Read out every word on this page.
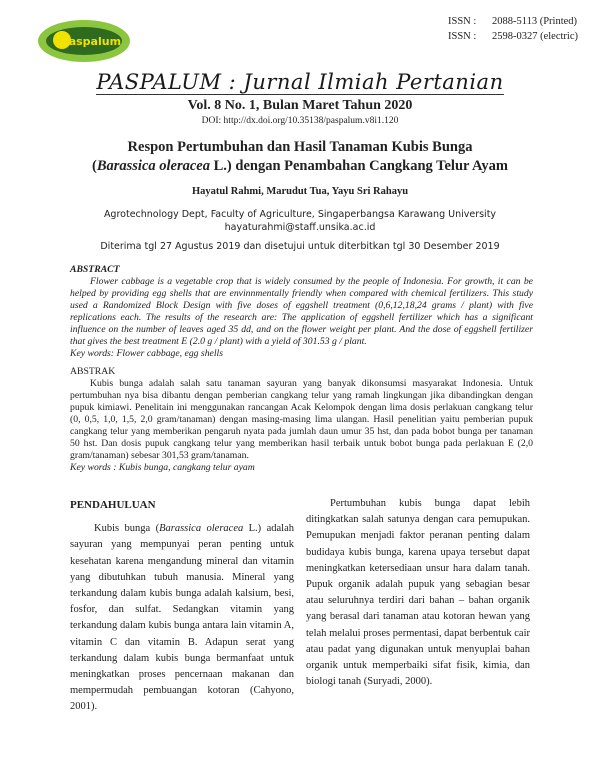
ISSN :	2088-5113 (Printed)
ISSN :	2598-0327 (electric)
Paspalum
PASPALUM : Jurnal Ilmiah Pertanian
Vol. 8 No. 1, Bulan Maret Tahun 2020
DOI: http://dx.doi.org/10.35138/paspalum.v8i1.120
Respon Pertumbuhan dan Hasil Tanaman Kubis Bunga
(Barassica oleracea L.) dengan Penambahan Cangkang Telur Ayam
Hayatul Rahmi, Marudut Tua, Yayu Sri Rahayu
Agrotechnology Dept, Faculty of Agriculture, Singaperbangsa Karawang University
hayaturahmi@staff.unsika.ac.id
Diterima tgl 27 Agustus 2019 dan disetujui untuk diterbitkan tgl 30 Desember 2019
ABSTRACT
Flower cabbage is a vegetable crop that is widely consumed by the people of Indonesia. For growth, it can be helped by providing egg shells that are envinnmentally friendly when compared with chemical fertilizers. This study used a Randomized Block Design with five doses of eggshell treatment (0,6,12,18,24 grams / plant) with five replications each. The results of the research are: The application of eggshell fertilizer which has a significant influence on the number of leaves aged 35 dd, and on the flower weight per plant. And the dose of eggshell fertilizer that gives the best treatment E (2.0 g / plant) with a yield of 301.53 g / plant.
Key words: Flower cabbage, egg shells
ABSTRAK
Kubis bunga adalah salah satu tanaman sayuran yang banyak dikonsumsi masyarakat Indonesia. Untuk pertumbuhan nya bisa dibantu dengan pemberian cangkang telur yang ramah lingkungan jika dibandingkan dengan pupuk kimiawi. Penelitain ini menggunakan rancangan Acak Kelompok dengan lima dosis perlakuan cangkang telur (0, 0,5, 1,0, 1,5, 2,0 gram/tanaman) dengan masing-masing lima ulangan. Hasil penelitian yaitu pemberian pupuk cangkang telur yang memberikan pengaruh nyata pada jumlah daun umur 35 hst, dan pada bobot bunga per tanaman 50 hst. Dan dosis pupuk cangkang telur yang memberikan hasil terbaik untuk bobot bunga pada perlakuan E (2,0 gram/tanaman) sebesar 301,53 gram/tanaman.
Key words : Kubis bunga, cangkang telur ayam
PENDAHULUAN

Kubis bunga (Barassica oleracea L.) adalah sayuran yang mempunyai peran penting untuk kesehatan karena mengandung mineral dan vitamin yang dibutuhkan tubuh manusia. Mineral yang terkandung dalam kubis bunga adalah kalsium, besi, fosfor, dan sulfat. Sedangkan vitamin yang terkandung dalam kubis bunga antara lain vitamin A, vitamin C dan vitamin B. Adapun serat yang terkandung dalam kubis bunga bermanfaat untuk meningkatkan proses pencernaan makanan dan mempermudah pembuangan kotoran (Cahyono, 2001).

Pertumbuhan kubis bunga dapat lebih ditingkatkan salah satunya dengan cara pemupukan. Pemupukan menjadi faktor peranan penting dalam budidaya kubis bunga, karena upaya tersebut dapat meningkatkan ketersediaan unsur hara dalam tanah. Pupuk organik adalah pupuk yang sebagian besar atau seluruhnya terdiri dari bahan – bahan organik yang berasal dari tanaman atau kotoran hewan yang telah melalui proses permentasi, dapat berbentuk cair atau padat yang digunakan untuk menyuplai bahan organik untuk memperbaiki sifat fisik, kimia, dan biologi tanah (Suryadi, 2000).
